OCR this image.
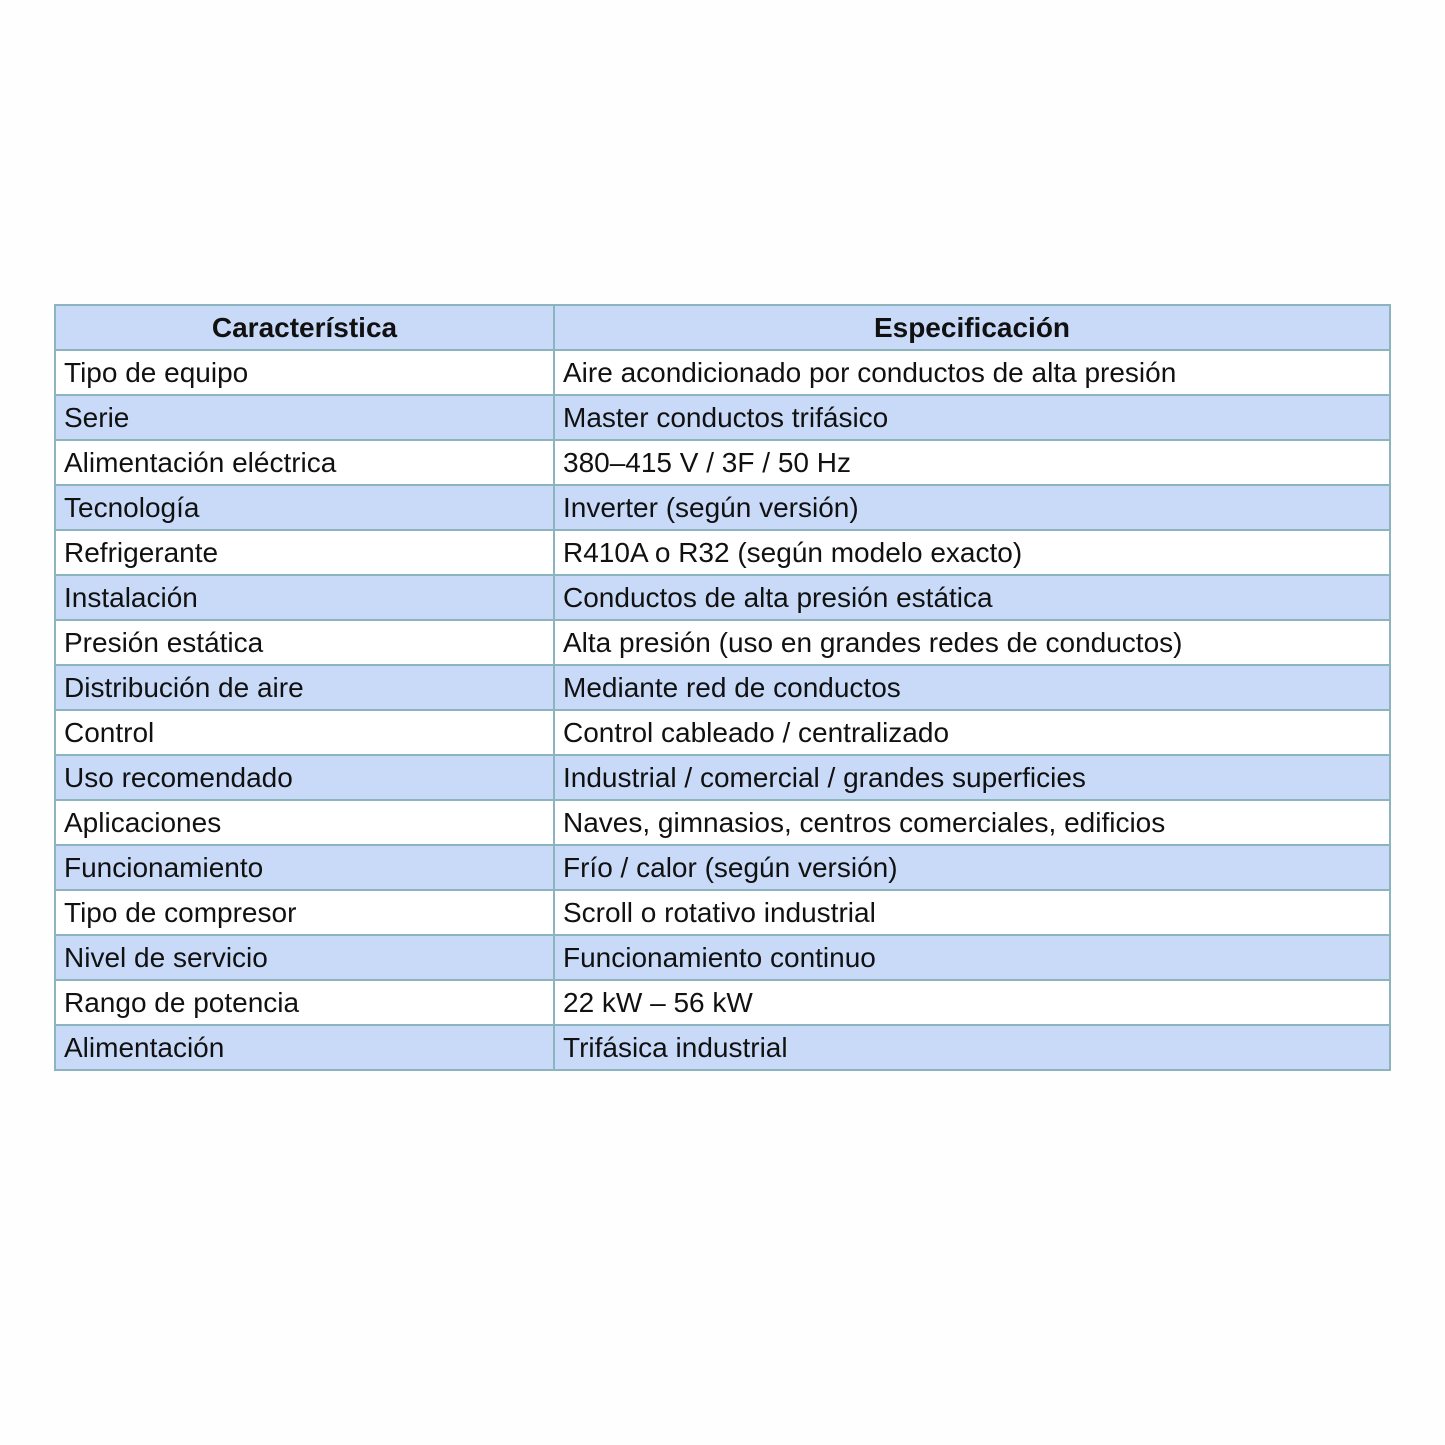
Característica	Especificación
Tipo de equipo	Aire acondicionado por conductos de alta presión
Serie	Master conductos trifásico
Alimentación eléctrica	380–415 V / 3F / 50 Hz
Tecnología	Inverter (según versión)
Refrigerante	R410A o R32 (según modelo exacto)
Instalación	Conductos de alta presión estática
Presión estática	Alta presión (uso en grandes redes de conductos)
Distribución de aire	Mediante red de conductos
Control	Control cableado / centralizado
Uso recomendado	Industrial / comercial / grandes superficies
Aplicaciones	Naves, gimnasios, centros comerciales, edificios
Funcionamiento	Frío / calor (según versión)
Tipo de compresor	Scroll o rotativo industrial
Nivel de servicio	Funcionamiento continuo
Rango de potencia	22 kW – 56 kW
Alimentación	Trifásica industrial
